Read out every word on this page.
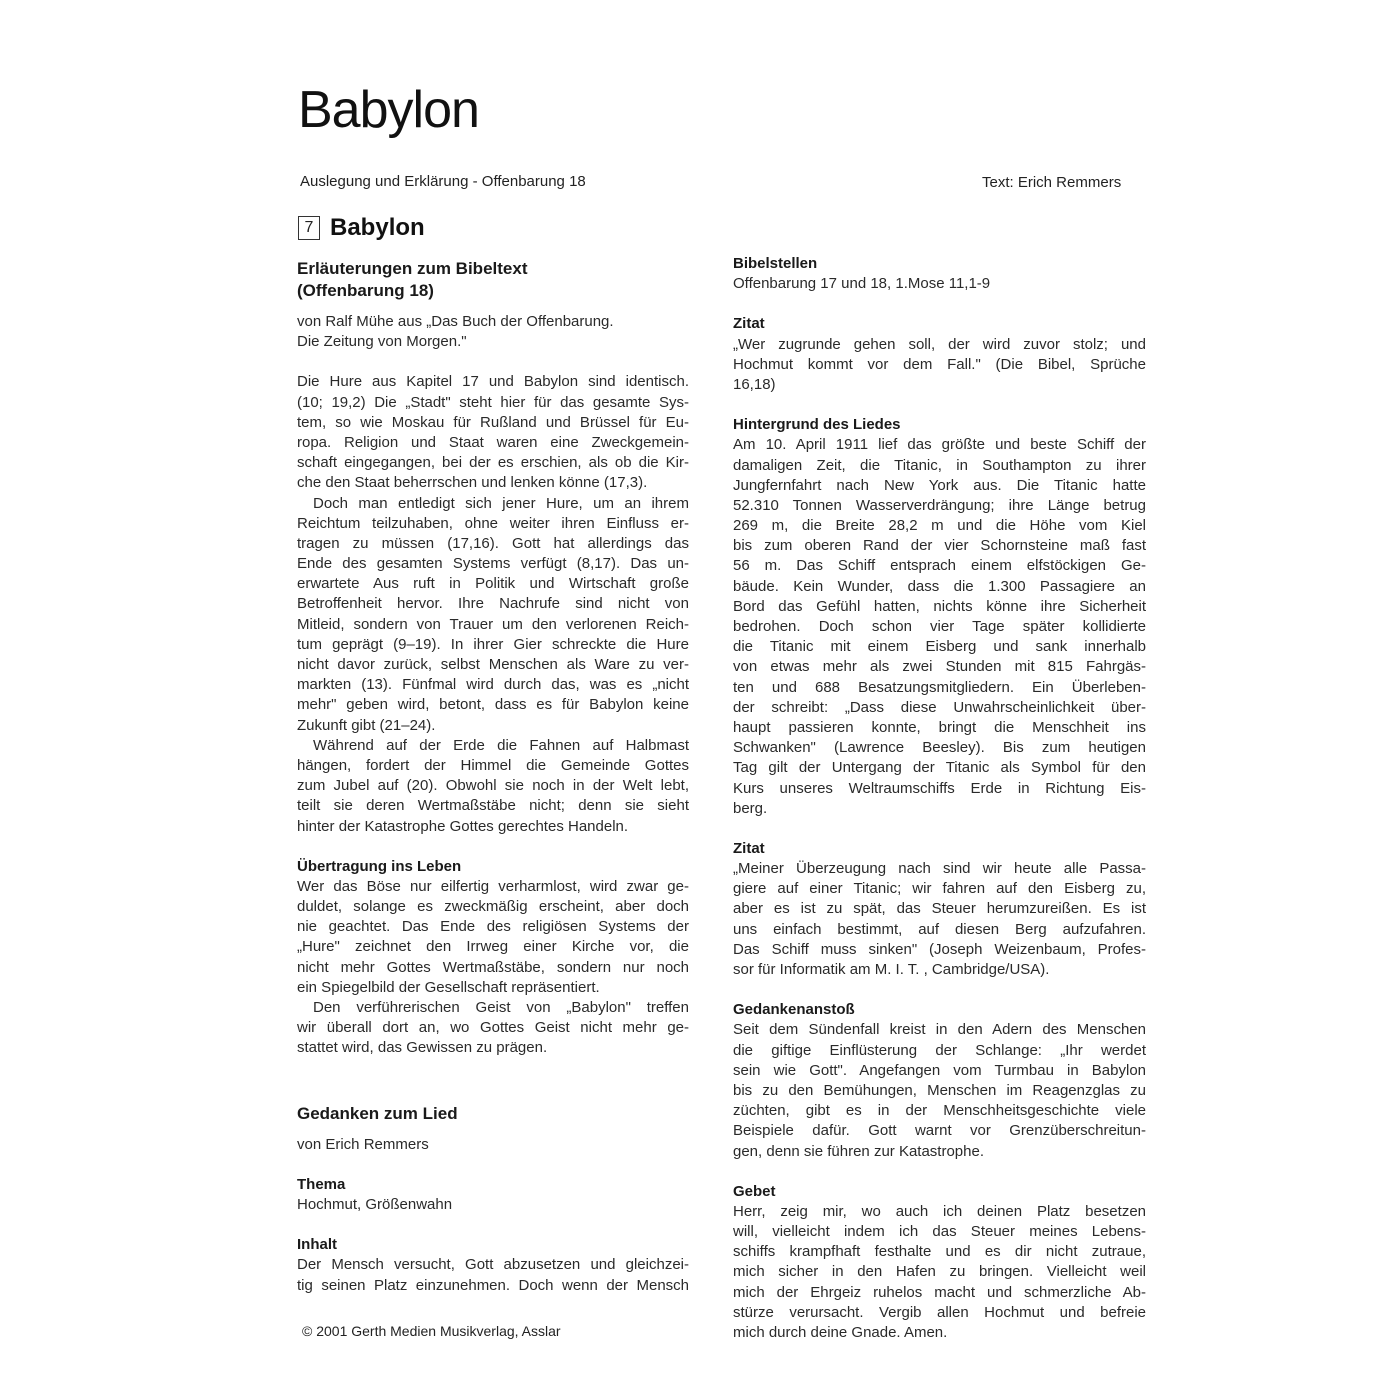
Babylon
Auslegung und Erklärung - Offenbarung 18	Text: Erich Remmers
7 Babylon
Erläuterungen zum Bibeltext
(Offenbarung 18)
von Ralf Mühe aus „Das Buch der Offenbarung.
Die Zeitung von Morgen."
Die Hure aus Kapitel 17 und Babylon sind identisch.
(10; 19,2) Die „Stadt" steht hier für das gesamte Sys-
tem, so wie Moskau für Rußland und Brüssel für Eu-
ropa. Religion und Staat waren eine Zweckgemein-
schaft eingegangen, bei der es erschien, als ob die Kir-
che den Staat beherrschen und lenken könne (17,3).
Doch man entledigt sich jener Hure, um an ihrem
Reichtum teilzuhaben, ohne weiter ihren Einfluss er-
tragen zu müssen (17,16). Gott hat allerdings das
Ende des gesamten Systems verfügt (8,17). Das un-
erwartete Aus ruft in Politik und Wirtschaft große
Betroffenheit hervor. Ihre Nachrufe sind nicht von
Mitleid, sondern von Trauer um den verlorenen Reich-
tum geprägt (9–19). In ihrer Gier schreckte die Hure
nicht davor zurück, selbst Menschen als Ware zu ver-
markten (13). Fünfmal wird durch das, was es „nicht
mehr" geben wird, betont, dass es für Babylon keine
Zukunft gibt (21–24).
Während auf der Erde die Fahnen auf Halbmast
hängen, fordert der Himmel die Gemeinde Gottes
zum Jubel auf (20). Obwohl sie noch in der Welt lebt,
teilt sie deren Wertmaßstäbe nicht; denn sie sieht
hinter der Katastrophe Gottes gerechtes Handeln.
Übertragung ins Leben
Wer das Böse nur eilfertig verharmlost, wird zwar ge-
duldet, solange es zweckmäßig erscheint, aber doch
nie geachtet. Das Ende des religiösen Systems der
„Hure" zeichnet den Irrweg einer Kirche vor, die
nicht mehr Gottes Wertmaßstäbe, sondern nur noch
ein Spiegelbild der Gesellschaft repräsentiert.
Den verführerischen Geist von „Babylon" treffen
wir überall dort an, wo Gottes Geist nicht mehr ge-
stattet wird, das Gewissen zu prägen.
Gedanken zum Lied
von Erich Remmers
Thema
Hochmut, Größenwahn
Inhalt
Der Mensch versucht, Gott abzusetzen und gleichzei-
tig seinen Platz einzunehmen. Doch wenn der Mensch
Bibelstellen
Offenbarung 17 und 18, 1.Mose 11,1-9
Zitat
„Wer zugrunde gehen soll, der wird zuvor stolz; und
Hochmut kommt vor dem Fall." (Die Bibel, Sprüche
16,18)
Hintergrund des Liedes
Am 10. April 1911 lief das größte und beste Schiff der
damaligen Zeit, die Titanic, in Southampton zu ihrer
Jungfernfahrt nach New York aus. Die Titanic hatte
52.310 Tonnen Wasserverdrängung; ihre Länge betrug
269 m, die Breite 28,2 m und die Höhe vom Kiel
bis zum oberen Rand der vier Schornsteine maß fast
56 m. Das Schiff entsprach einem elfstöckigen Ge-
bäude. Kein Wunder, dass die 1.300 Passagiere an
Bord das Gefühl hatten, nichts könne ihre Sicherheit
bedrohen. Doch schon vier Tage später kollidierte
die Titanic mit einem Eisberg und sank innerhalb
von etwas mehr als zwei Stunden mit 815 Fahrgäs-
ten und 688 Besatzungsmitgliedern. Ein Überleben-
der schreibt: „Dass diese Unwahrscheinlichkeit über-
haupt passieren konnte, bringt die Menschheit ins
Schwanken" (Lawrence Beesley). Bis zum heutigen
Tag gilt der Untergang der Titanic als Symbol für den
Kurs unseres Weltraumschiffs Erde in Richtung Eis-
berg.
Zitat
„Meiner Überzeugung nach sind wir heute alle Passa-
giere auf einer Titanic; wir fahren auf den Eisberg zu,
aber es ist zu spät, das Steuer herumzureißen. Es ist
uns einfach bestimmt, auf diesen Berg aufzufahren.
Das Schiff muss sinken" (Joseph Weizenbaum, Profes-
sor für Informatik am M. I. T. , Cambridge/USA).
Gedankenanstoß
Seit dem Sündenfall kreist in den Adern des Menschen
die giftige Einflüsterung der Schlange: „Ihr werdet
sein wie Gott". Angefangen vom Turmbau in Babylon
bis zu den Bemühungen, Menschen im Reagenzglas zu
züchten, gibt es in der Menschheitsgeschichte viele
Beispiele dafür. Gott warnt vor Grenzüberschreitun-
gen, denn sie führen zur Katastrophe.
Gebet
Herr, zeig mir, wo auch ich deinen Platz besetzen
will, vielleicht indem ich das Steuer meines Lebens-
schiffs krampfhaft festhalte und es dir nicht zutraue,
mich sicher in den Hafen zu bringen. Vielleicht weil
mich der Ehrgeiz ruhelos macht und schmerzliche Ab-
stürze verursacht. Vergib allen Hochmut und befreie
mich durch deine Gnade. Amen.
© 2001 Gerth Medien Musikverlag, Asslar
